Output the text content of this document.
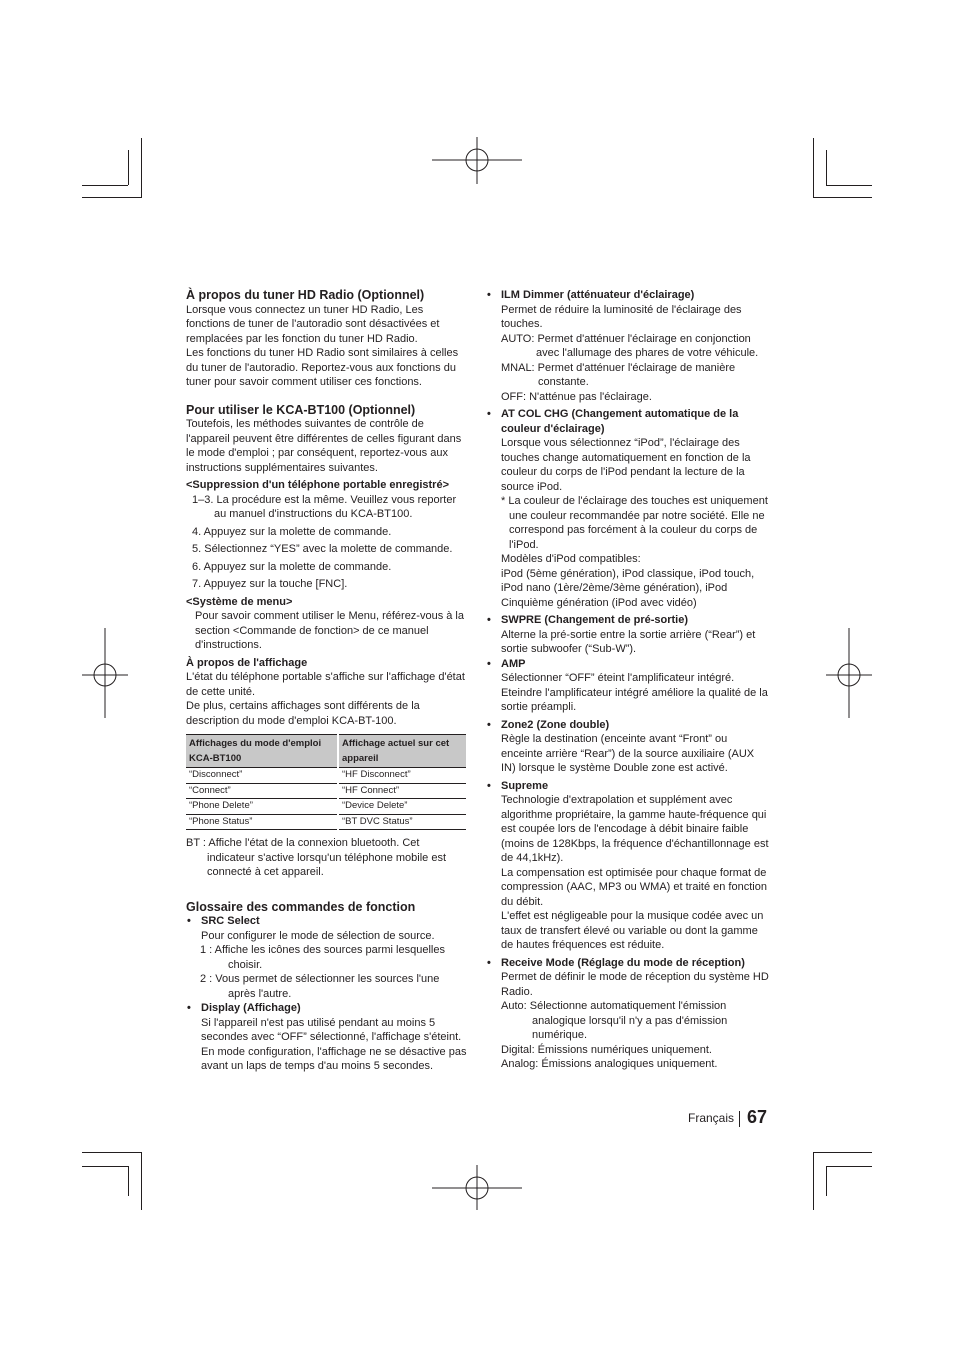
À propos du tuner HD Radio (Optionnel)

Lorsque vous connectez un tuner HD Radio, Les fonctions de tuner de l'autoradio sont désactivées et remplacées par les fonction du tuner HD Radio.

Les fonctions du tuner HD Radio sont similaires à celles du tuner de l'autoradio. Reportez-vous aux fonctions du tuner pour savoir comment utiliser ces fonctions.

Pour utiliser le KCA-BT100 (Optionnel)

Toutefois, les méthodes suivantes de contrôle de l'appareil peuvent être différentes de celles figurant dans le mode d'emploi ; par conséquent, reportez-vous aux instructions supplémentaires suivantes.

<Suppression d'un téléphone portable enregistré>

1–3. La procédure est la même. Veuillez vous reporter au manuel d'instructions du KCA-BT100.

4. Appuyez sur la molette de commande.

5. Sélectionnez “YES” avec la molette de commande.

6. Appuyez sur la molette de commande.

7. Appuyez sur la touche [FNC].

<Système de menu>

Pour savoir comment utiliser le Menu, référez-vous à la section <Commande de fonction> de ce manuel d'instructions.

À propos de l'affichage

L'état du téléphone portable s'affiche sur l'affichage d'état de cette unité.

De plus, certains affichages sont différents de la description du mode d'emploi KCA-BT-100.

Affichages du mode d'emploi KCA-BT100	Affichage actuel sur cet appareil
“Disconnect”	“HF Disconnect”
“Connect”	“HF Connect”
“Phone Delete”	“Device Delete”
“Phone Status”	“BT DVC Status”

BT : Affiche l'état de la connexion bluetooth. Cet indicateur s'active lorsqu'un téléphone mobile est connecté à cet appareil.

Glossaire des commandes de fonction

• SRC Select

Pour configurer le mode de sélection de source.

1 : Affiche les icônes des sources parmi lesquelles choisir.

2 : Vous permet de sélectionner les sources l'une après l'autre.

• Display (Affichage)

Si l'appareil n'est pas utilisé pendant au moins 5 secondes avec “OFF” sélectionné, l'affichage s'éteint. En mode configuration, l'affichage ne se désactive pas avant un laps de temps d'au moins 5 secondes.

• ILM Dimmer (atténuateur d'éclairage)

Permet de réduire la luminosité de l'éclairage des touches.

AUTO: Permet d'atténuer l'éclairage en conjonction avec l'allumage des phares de votre véhicule.

MNAL: Permet d'atténuer l'éclairage de manière constante.

OFF: N'atténue pas l'éclairage.

• AT COL CHG (Changement automatique de la couleur d'éclairage)

Lorsque vous sélectionnez “iPod”, l'éclairage des touches change automatiquement en fonction de la couleur du corps de l'iPod pendant la lecture de la source iPod.

* La couleur de l'éclairage des touches est uniquement une couleur recommandée par notre société. Elle ne correspond pas forcément à la couleur du corps de l'iPod.

Modèles d'iPod compatibles:

iPod (5ème génération), iPod classique, iPod touch, iPod nano (1ère/2ème/3ème génération), iPod Cinquième génération (iPod avec vidéo)

• SWPRE (Changement de pré-sortie)

Alterne la pré-sortie entre la sortie arrière (“Rear”) et sortie subwoofer (“Sub-W”).

• AMP

Sélectionner “OFF” éteint l'amplificateur intégré. Eteindre l'amplificateur intégré améliore la qualité de la sortie préampli.

• Zone2 (Zone double)

Règle la destination (enceinte avant “Front” ou enceinte arrière “Rear”) de la source auxiliaire (AUX IN) lorsque le système Double zone est activé.

• Supreme

Technologie d'extrapolation et supplément avec algorithme propriétaire, la gamme haute-fréquence qui est coupée lors de l'encodage à débit binaire faible (moins de 128Kbps, la fréquence d'échantillonnage est de 44,1kHz).

La compensation est optimisée pour chaque format de compression (AAC, MP3 ou WMA) et traité en fonction du débit.

L'effet est négligeable pour la musique codée avec un taux de transfert élevé ou variable ou dont la gamme de hautes fréquences est réduite.

• Receive Mode (Réglage du mode de réception)

Permet de définir le mode de réception du système HD Radio.

Auto: Sélectionne automatiquement l'émission analogique lorsqu'il n'y a pas d'émission numérique.

Digital: Émissions numériques uniquement.

Analog: Émissions analogiques uniquement.

Français 67
